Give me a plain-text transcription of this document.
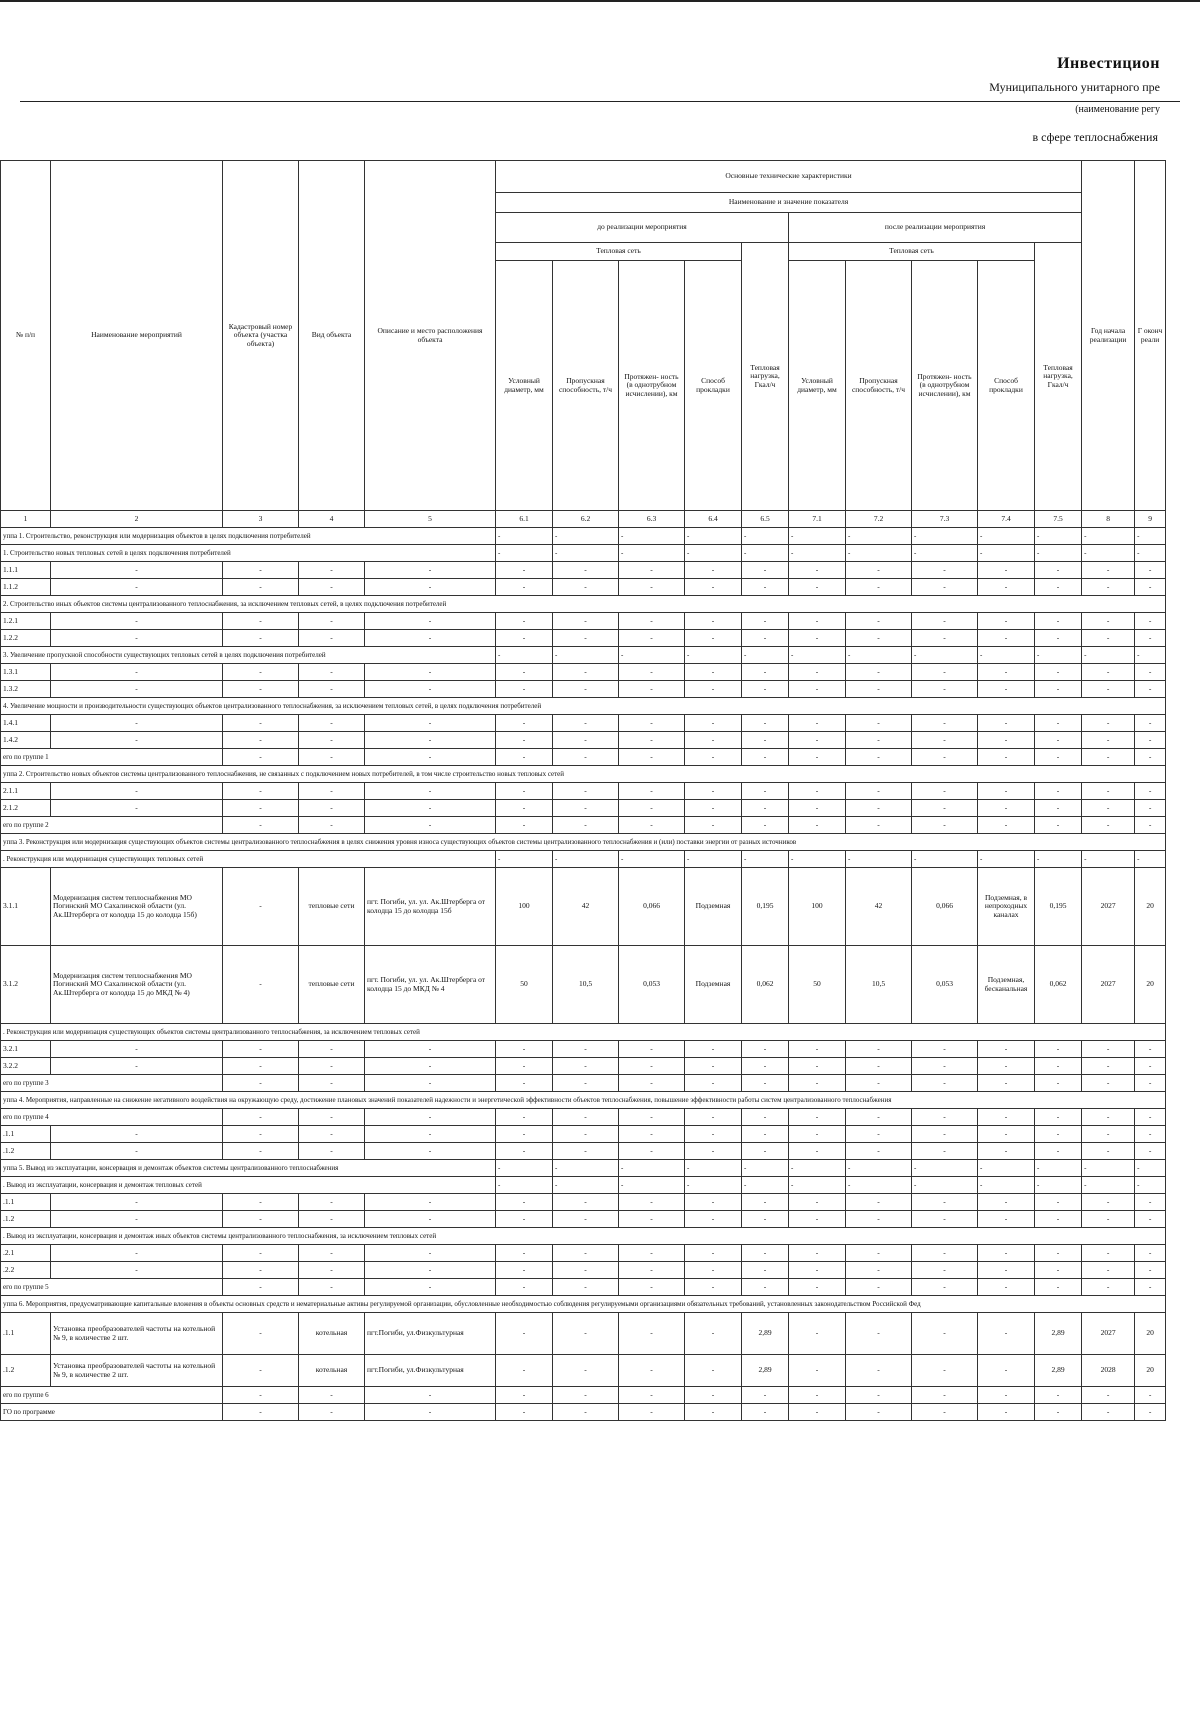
Инвестицион
Муниципального унитарного пре
(наименование регу
в сфере теплоснабжения
№ п/п	Наименование мероприятий	Кадастровый номер объекта (участка объекта)	Вид объекта	Описание и место расположения объекта	Основные технические характеристики										Год начала реализации	Г оконч реали
					Наименование и значение показателя											
					до реализации мероприятия					после реализации мероприятия						
					Тепловая сеть				Тепловая нагрузка, Гкал/ч	Тепловая сеть				Тепловая нагрузка, Гкал/ч		
					Условный диаметр, мм	Пропускная способность, т/ч	Протяжен- ность (в однотрубном исчислении), км	Способ прокладки		Условный диаметр, мм	Пропускная способность, т/ч	Протяжен- ность (в однотрубном исчислении), км	Способ прокладки			
1	2	3	4	5	6.1	6.2	6.3	6.4	6.5	7.1	7.2	7.3	7.4	7.5	8	9
уппа 1. Строительство, реконструкция или модернизация объектов в целях подключения потребителей					-	-	-	-	-	-	-	-	-	-	-	-
1. Строительство новых тепловых сетей в целях подключения потребителей					-	-	-	-	-	-	-	-	-	-	-	-
1.1.1	-	-	-	-	-	-	-	-	-	-	-	-	-	-	-	-
1.1.2	-	-	-	-	-	-	-	-	-	-	-	-	-	-	-	-
2. Строительство иных объектов системы централизованного теплоснабжения, за исключением тепловых сетей, в целях подключения потребителей																
1.2.1	-	-	-	-	-	-	-	-	-	-	-	-	-	-	-	-
1.2.2	-	-	-	-	-	-	-	-	-	-	-	-	-	-	-	-
3. Увеличение пропускной способности существующих тепловых сетей в целях подключения потребителей					-	-	-	-	-	-	-	-	-	-	-	-
1.3.1	-	-	-	-	-	-	-	-	-	-	-	-	-	-	-	-
1.3.2	-	-	-	-	-	-	-	-	-	-	-	-	-	-	-	-
4. Увеличение мощности и производительности существующих объектов централизованного теплоснабжения, за исключением тепловых сетей, в целях подключения потребителей																
1.4.1	-	-	-	-	-	-	-	-	-	-	-	-	-	-	-	-
1.4.2	-	-	-	-	-	-	-	-	-	-	-	-	-	-	-	-
его по группе 1		-	-	-	-	-	-	-	-	-	-	-	-	-	-	-
уппа 2. Строительство новых объектов системы централизованного теплоснабжения, не связанных с подключением новых потребителей, в том числе строительство новых тепловых сетей																
2.1.1	-	-	-	-	-	-	-	-	-	-	-	-	-	-	-	-
2.1.2	-	-	-	-	-	-	-	-	-	-	-	-	-	-	-	-
его по группе 2		-	-	-	-	-	-	-	-	-	-	-	-	-	-	-
уппа 3. Реконструкция или модернизация существующих объектов системы централизованного теплоснабжения в целях снижения уровня износа существующих объектов системы централизованного теплоснабжения и (или) поставки энергии от разных источников																
. Реконструкция или модернизация существующих тепловых сетей					-	-	-	-	-	-	-	-	-	-	-	-
3.1.1	Модернизация систем теплоснабжения МО Погинский МО Сахалинской области (ул. Ак.Штерберга от колодца 15 до колодца 15б)	-	тепловые сети	пгт. Погиби, ул. ул. Ак.Штерберга от колодца 15 до колодца 15б	100	42	0,066	Подземная	0,195	100	42	0,066	Подземная, в непроходных каналах	0,195	2027	20
3.1.2	Модернизация систем теплоснабжения МО Погинский МО Сахалинской области (ул. Ак.Штерберга от колодца 15 до МКД № 4)	-	тепловые сети	пгт. Погиби, ул. ул. Ак.Штерберга от колодца 15 до МКД № 4	50	10,5	0,053	Подземная	0,062	50	10,5	0,053	Подземная, бесканальная	0,062	2027	20
. Реконструкция или модернизация существующих объектов системы централизованного теплоснабжения, за исключением тепловых сетей																
3.2.1	-	-	-	-	-	-	-	-	-	-	-	-	-	-	-	-
3.2.2	-	-	-	-	-	-	-	-	-	-	-	-	-	-	-	-
его по группе 3		-	-	-	-	-	-	-	-	-	-	-	-	-	-	-
уппа 4. Мероприятия, направленные на снижение негативного воздействия на окружающую среду, достижение плановых значений показателей надежности и энергетической эффективности объектов теплоснабжения, повышение эффективности работы систем централизованного теплоснабжения																
его по группе 4		-	-	-	-	-	-	-	-	-	-	-	-	-	-	-
.1.1	-	-	-	-	-	-	-	-	-	-	-	-	-	-	-	-
.1.2	-	-	-	-	-	-	-	-	-	-	-	-	-	-	-	-
уппа 5. Вывод из эксплуатации, консервация и демонтаж объектов системы централизованного теплоснабжения					-	-	-	-	-	-	-	-	-	-	-	-
. Вывод из эксплуатации, консервация и демонтаж тепловых сетей					-	-	-	-	-	-	-	-	-	-	-	-
.1.1	-	-	-	-	-	-	-	-	-	-	-	-	-	-	-	-
.1.2	-	-	-	-	-	-	-	-	-	-	-	-	-	-	-	-
. Вывод из эксплуатации, консервация и демонтаж иных объектов системы централизованного теплоснабжения, за исключением тепловых сетей																
.2.1	-	-	-	-	-	-	-	-	-	-	-	-	-	-	-	-
.2.2	-	-	-	-	-	-	-	-	-	-	-	-	-	-	-	-
его по группе 5		-	-	-	-	-	-	-	-	-	-	-	-	-	-	-
уппа 6. Мероприятия, предусматривающие капитальные вложения в объекты основных средств и нематериальные активы регулируемой организации, обусловленные необходимостью соблюдения регулируемыми организациями обязательных требований, установленных законодательством Российской Фед																
.1.1	Установка преобразователей частоты на котельной № 9, в количестве 2 шт.	-	котельная	пгт.Погиби, ул.Физкультурная	-	-	-	-	2,89	-	-	-	-	2,89	2027	20
.1.2	Установка преобразователей частоты на котельной № 9, в количестве 2 шт.	-	котельная	пгт.Погиби, ул.Физкультурная	-	-	-	-	2,89	-	-	-	-	2,89	2028	20
его по группе 6		-	-	-	-	-	-	-	-	-	-	-	-	-	-	-
ГО по программе		-	-	-	-	-	-	-	-	-	-	-	-	-	-	-
